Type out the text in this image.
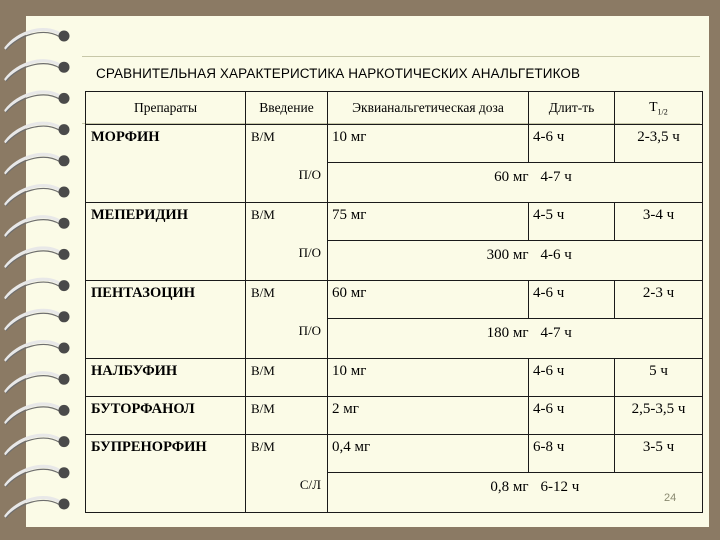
СРАВНИТЕЛЬНАЯ ХАРАКТЕРИСТИКА НАРКОТИЧЕСКИХ АНАЛЬГЕТИКОВ
Препараты	Введение	Эквианальгетическая доза	Длит-ть	$Т_{1/2}$
МОРФИН	В/М	10 мг	4-6 ч	2-3,5 ч
	П/О	60 мг	4-7 ч	
МЕПЕРИДИН	В/М	75 мг	4-5 ч	3-4 ч
	П/О	300 мг	4-6 ч	
ПЕНТАЗОЦИН	В/М	60 мг	4-6 ч	2-3 ч
	П/О	180 мг	4-7 ч	
НАЛБУФИН	В/М	10 мг	4-6 ч	5 ч
БУТОРФАНОЛ	В/М	2 мг	4-6 ч	2,5-3,5 ч
БУПРЕНОРФИН	В/М	0,4 мг	6-8 ч	3-5 ч
	С/Л	0,8 мг	6-12 ч	
24
